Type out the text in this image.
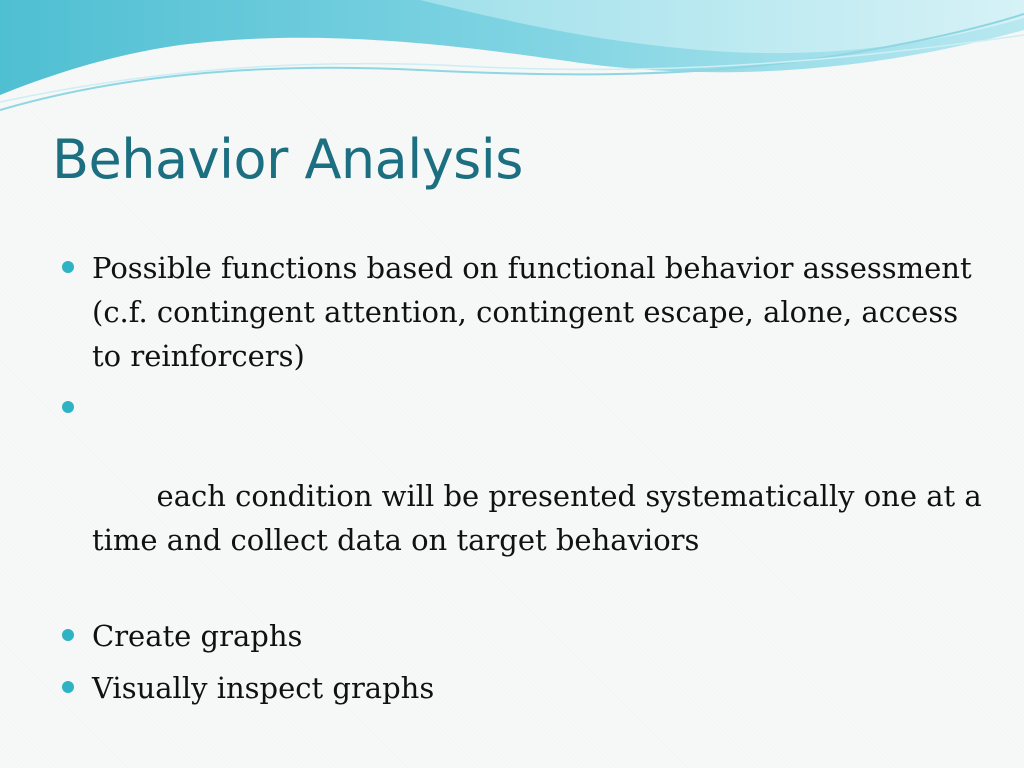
Behavior Analysis
Possible functions based on functional behavior assessment (c.f. contingent attention, contingent escape, alone, access to reinforcers)

each condition will be presented systematically one at a time and collect data on target behaviors

Create graphs
Visually inspect graphs
